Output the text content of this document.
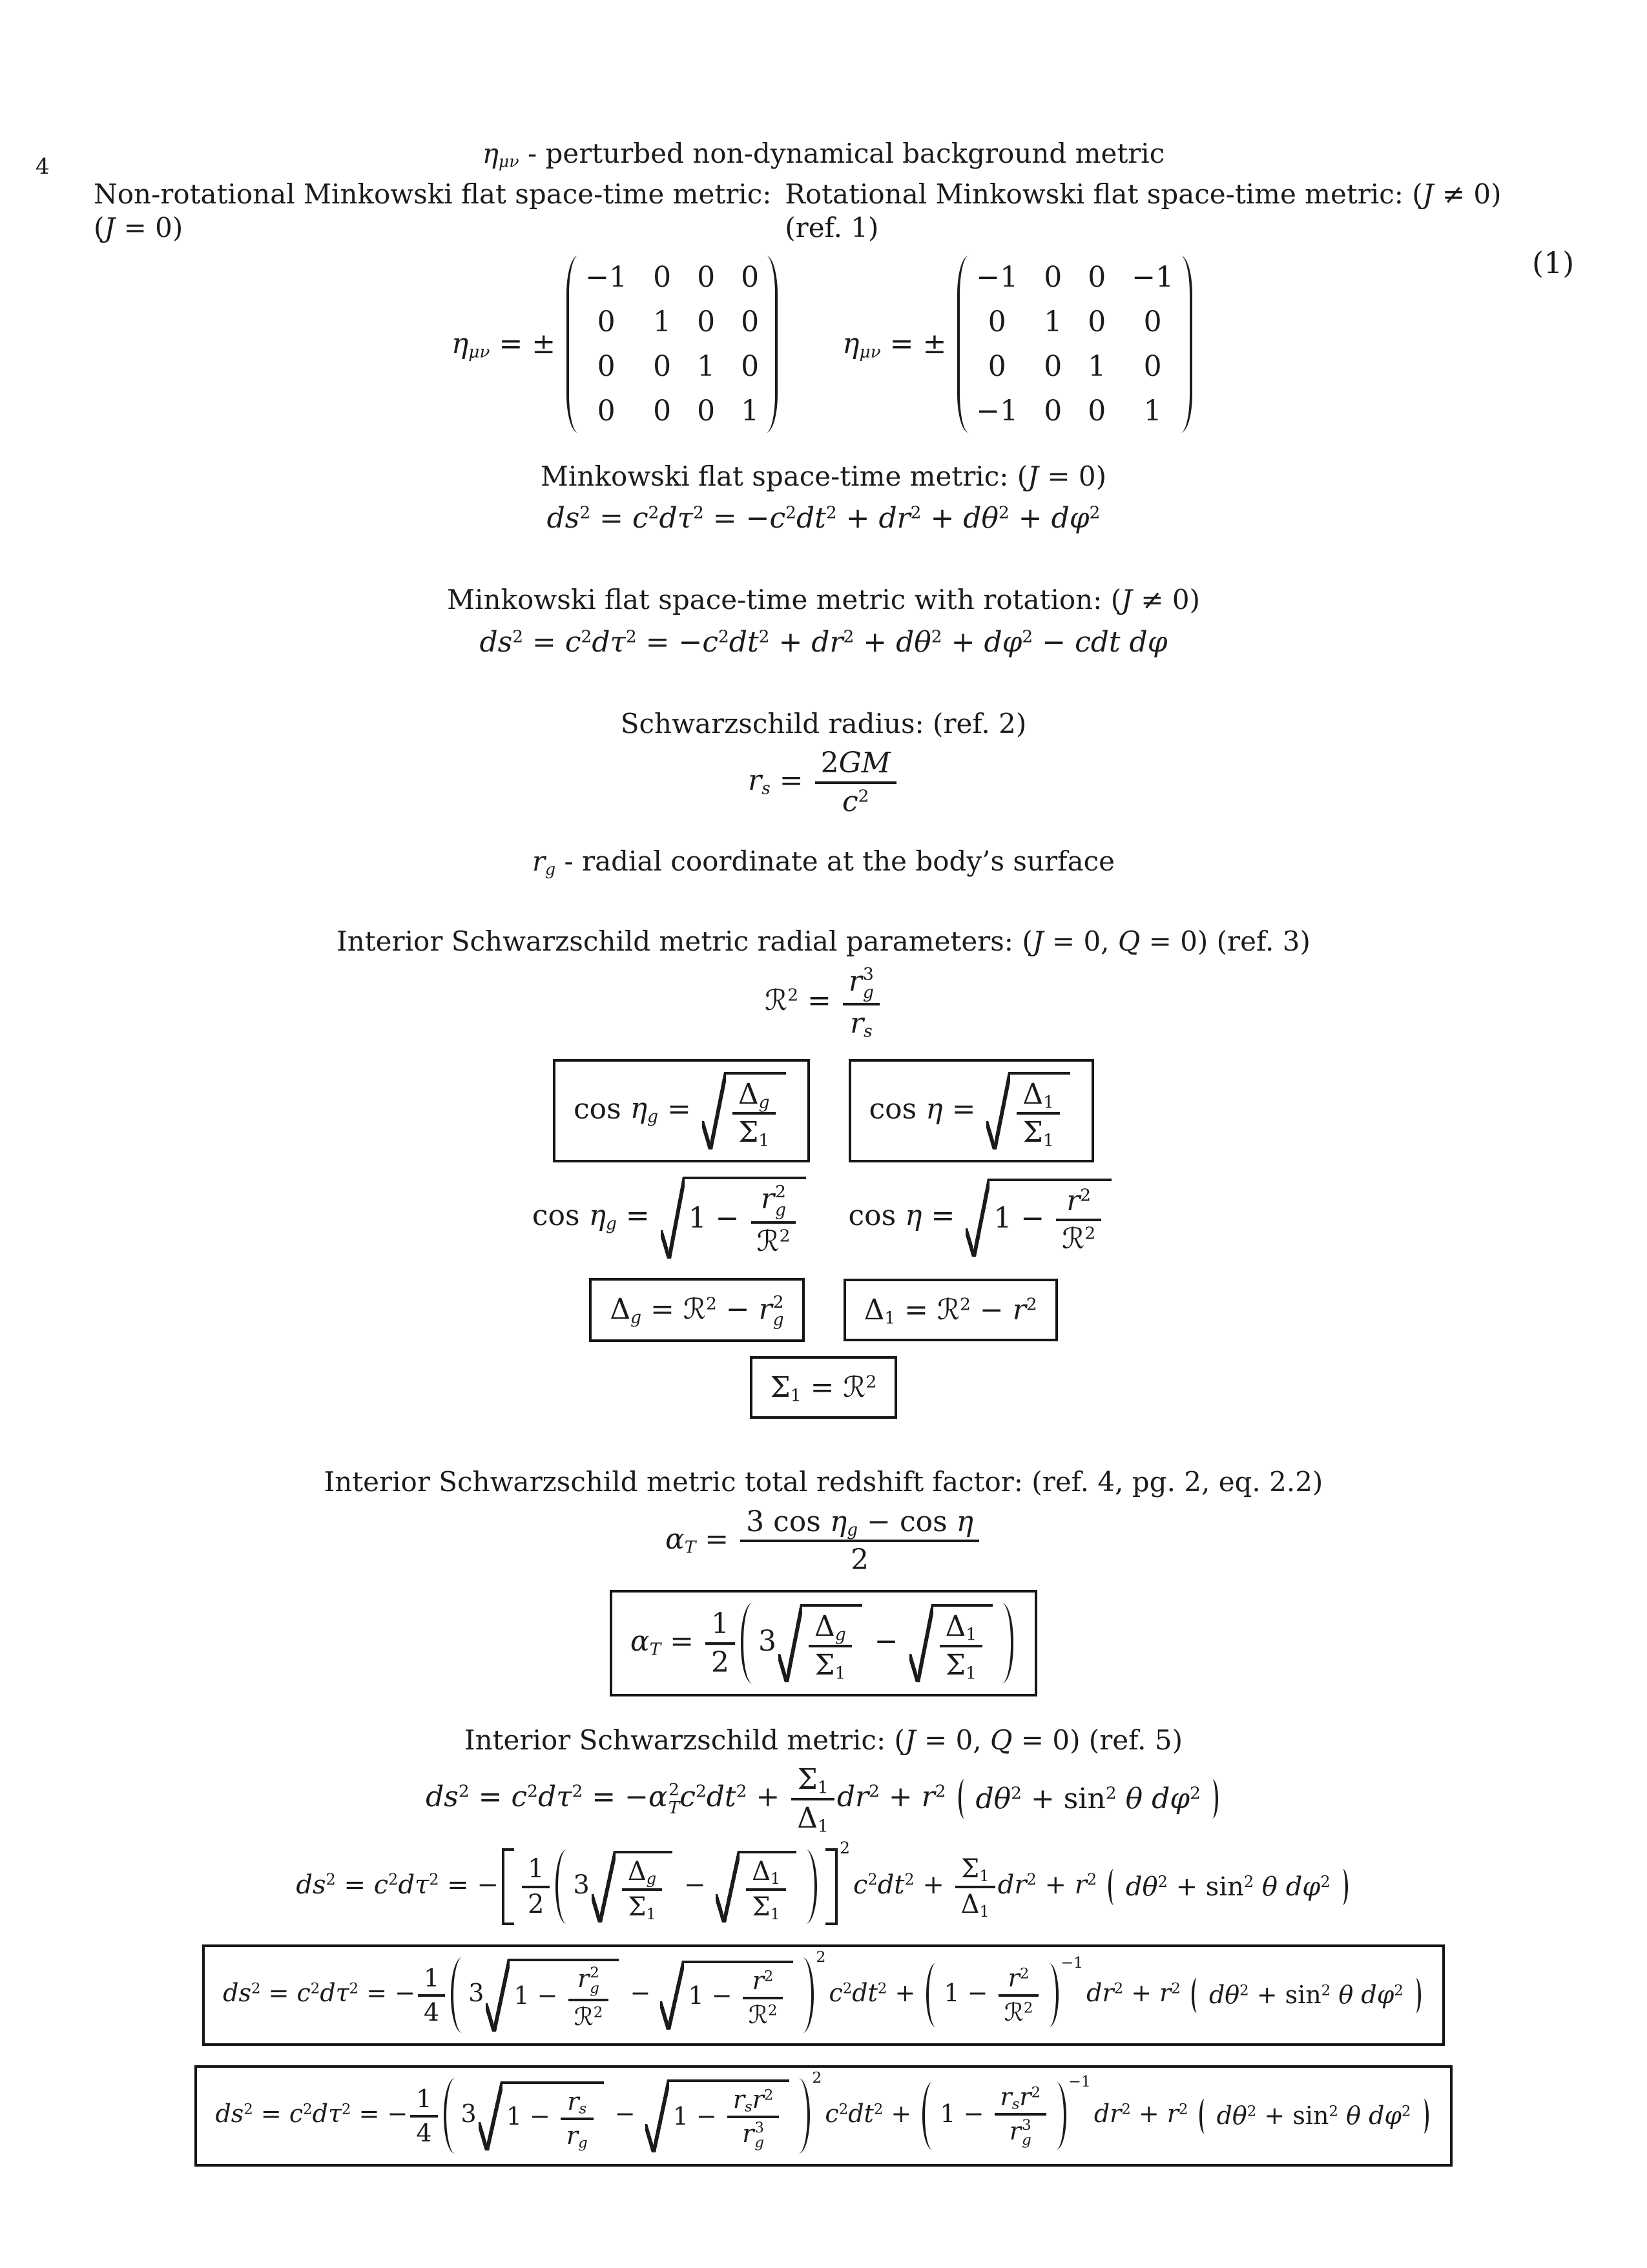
4
(1)
$\eta_{\mu\nu}$ - perturbed non-dynamical background metric
Non-rotational Minkowski flat space-time metric: (J = 0)
Rotational Minkowski flat space-time metric: (J ≠ 0) (ref. 1)
$\eta_{\mu\nu}$ = ±
−1 0 0 0
0 1 0 0
0 0 1 0
0 0 0 1
$\eta_{\mu\nu}$ = ±
−1 0 0 −1
0 1 0 0
0 0 1 0
−1 0 0 1
Minkowski flat space-time metric: (J = 0)
$ds^2 = c^2d\tau^2 = -c^2dt^2 + dr^2 + d\theta^2 + d\varphi^2$
Minkowski flat space-time metric with rotation: (J ≠ 0)
$ds^2 = c^2d\tau^2 = -c^2dt^2 + dr^2 + d\theta^2 + d\varphi^2$ − cdt dφ
Schwarzschild radius: (ref. 2)
$r_s = \frac{2GM}{c^2}$
$r_g$ - radial coordinate at the body’s surface
Interior Schwarzschild metric radial parameters: (J = 0, Q = 0) (ref. 3)
ℛ$^2$ = r 3
g
$r_s$
$\cos \eta_g = \frac{\Delta_g}{\Sigma_1}$	$\cos \eta = \frac{\Delta_1}{\Sigma_1}$
$\cos \eta_g = 1 - r$ 2
g
ℛ$^2$ $\cos \eta = 1 - \frac{r^2}{ℛ^2}$
$\Delta_g$ = ℛ$^2$ − r 2
g	$\Delta_1$ = ℛ$^2$ − $r^2$
$\Sigma_1$ = ℛ$^2$
Interior Schwarzschild metric total redshift factor: (ref. 4, pg. 2, eq. 2.2)
$\alpha_T = \frac{3 \cos \eta_g - \cos \eta}{2}$
$\alpha_T = \frac{1}{2} 3 \frac{\Delta_g}{\Sigma_1} - \frac{\Delta_1}{\Sigma_1}$
Interior Schwarzschild metric: (J = 0, Q = 0) (ref. 5)
$ds^2 = c^2d\tau^2 = -\alpha$ 2
T $c^2dt^2 + \frac{\Sigma_1}{\Delta_1} dr^2 + r^2$ $d\theta^2 + \sin^2 \theta$ $d\varphi^2$
$ds^2 = c^2d\tau^2$ = − $\frac{1}{2} 3 \frac{\Delta_g}{\Sigma_1} - \frac{\Delta_1}{\Sigma_1}$
2
$c^2dt^2 + \frac{\Sigma_1}{\Delta_1} dr^2 + r^2$ $d\theta^2 + \sin^2 \theta$ $d\varphi^2$
$ds^2 = c^2d\tau^2$ = − $\frac{1}{4} 3$ 1 − r 2
g
ℛ$^2$ − $1 - \frac{r^2}{ℛ^2}$
2
$c^2dt^2 + 1 - \frac{r^2}{ℛ^2}$
−1
$dr^2 + r^2$ $d\theta^2 + \sin^2 \theta$ $d\varphi^2$
$ds^2 = c^2d\tau^2$ = − $\frac{1}{4} 3$ $1 - \frac{r_s}{r_g} - 1 - r_sr^2$
r 3
g
2
$c^2dt^2 + 1 - r_sr^2$
r 3
g
−1
$dr^2 + r^2$ $d\theta^2 + \sin^2 \theta$ $d\varphi^2$
